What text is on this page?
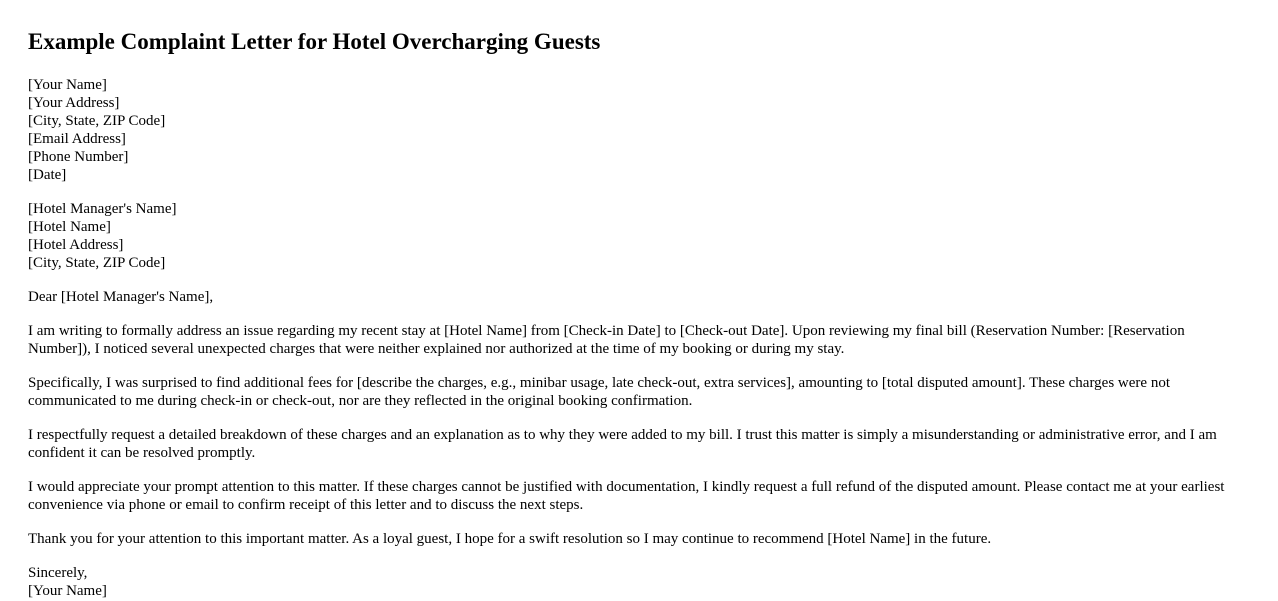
Example Complaint Letter for Hotel Overcharging Guests
[Your Name]
[Your Address]
[City, State, ZIP Code]
[Email Address]
[Phone Number]
[Date]
[Hotel Manager's Name]
[Hotel Name]
[Hotel Address]
[City, State, ZIP Code]

Dear [Hotel Manager's Name],

I am writing to formally address an issue regarding my recent stay at [Hotel Name] from [Check-in Date] to [Check-out Date]. Upon reviewing my final bill (Reservation Number: [Reservation Number]), I noticed several unexpected charges that were neither explained nor authorized at the time of my booking or during my stay.

Specifically, I was surprised to find additional fees for [describe the charges, e.g., minibar usage, late check-out, extra services], amounting to [total disputed amount]. These charges were not communicated to me during check-in or check-out, nor are they reflected in the original booking confirmation.

I respectfully request a detailed breakdown of these charges and an explanation as to why they were added to my bill. I trust this matter is simply a misunderstanding or administrative error, and I am confident it can be resolved promptly.

I would appreciate your prompt attention to this matter. If these charges cannot be justified with documentation, I kindly request a full refund of the disputed amount. Please contact me at your earliest convenience via phone or email to confirm receipt of this letter and to discuss the next steps.

Thank you for your attention to this important matter. As a loyal guest, I hope for a swift resolution so I may continue to recommend [Hotel Name] in the future.

Sincerely,
[Your Name]
